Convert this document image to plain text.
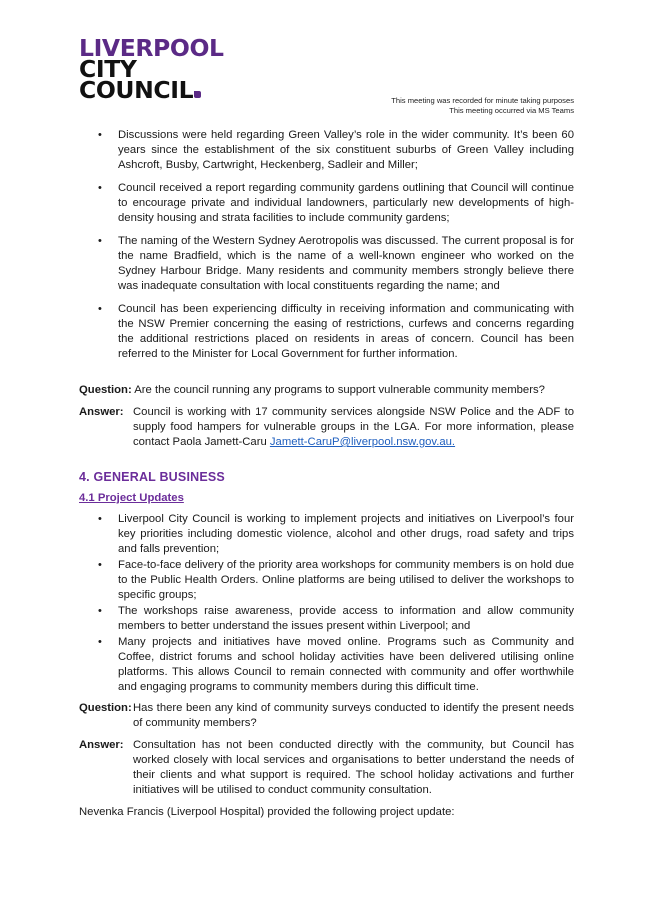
LIVERPOOL
CITY
COUNCIL	This meeting was recorded for minute taking purposes
This meeting occurred via MS Teams
• Discussions were held regarding Green Valley’s role in the wider community. It’s been 60 years since the establishment of the six constituent suburbs of Green Valley including Ashcroft, Busby, Cartwright, Heckenberg, Sadleir and Miller;
• Council received a report regarding community gardens outlining that Council will continue to encourage private and individual landowners, particularly new developments of high-density housing and strata facilities to include community gardens;
• The naming of the Western Sydney Aerotropolis was discussed. The current proposal is for the name Bradfield, which is the name of a well-known engineer who worked on the Sydney Harbour Bridge. Many residents and community members strongly believe there was inadequate consultation with local constituents regarding the name; and
• Council has been experiencing difficulty in receiving information and communicating with the NSW Premier concerning the easing of restrictions, curfews and concerns regarding the additional restrictions placed on residents in areas of concern. Council has been referred to the Minister for Local Government for further information.
Question: Are the council running any programs to support vulnerable community members?
Answer: Council is working with 17 community services alongside NSW Police and the ADF to supply food hampers for vulnerable groups in the LGA. For more information, please contact Paola Jamett-Caru Jamett-CaruP@liverpool.nsw.gov.au.
4. GENERAL BUSINESS
4.1 Project Updates
• Liverpool City Council is working to implement projects and initiatives on Liverpool’s four key priorities including domestic violence, alcohol and other drugs, road safety and trips and falls prevention;
• Face-to-face delivery of the priority area workshops for community members is on hold due to the Public Health Orders. Online platforms are being utilised to deliver the workshops to specific groups;
• The workshops raise awareness, provide access to information and allow community members to better understand the issues present within Liverpool; and
• Many projects and initiatives have moved online. Programs such as Community and Coffee, district forums and school holiday activities have been delivered utilising online platforms. This allows Council to remain connected with community and offer worthwhile and engaging programs to community members during this difficult time.
Question:Has there been any kind of community surveys conducted to identify the present needs of community members?
Answer: Consultation has not been conducted directly with the community, but Council has worked closely with local services and organisations to better understand the needs of their clients and what support is required. The school holiday activations and further initiatives will be utilised to conduct community consultation.
Nevenka Francis (Liverpool Hospital) provided the following project update:
